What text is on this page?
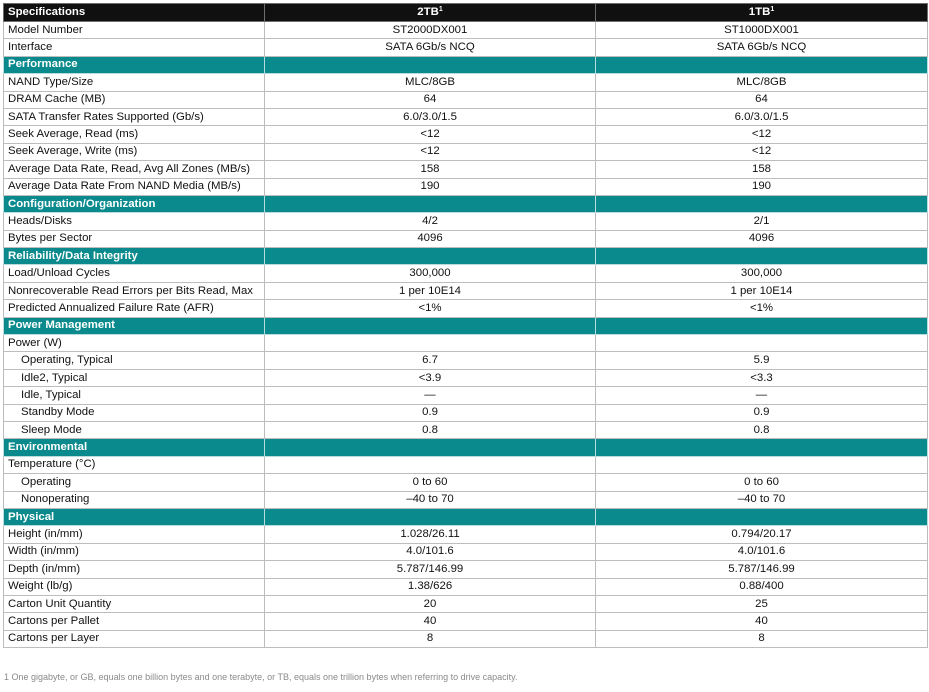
Specifications	$2TB^1$	$1TB^1$
Model Number	ST2000DX001	ST1000DX001
Interface	SATA 6Gb/s NCQ	SATA 6Gb/s NCQ
Performance		
NAND Type/Size	MLC/8GB	MLC/8GB
DRAM Cache (MB)	64	64
SATA Transfer Rates Supported (Gb/s)	6.0/3.0/1.5	6.0/3.0/1.5
Seek Average, Read (ms)	<12	<12
Seek Average, Write (ms)	<12	<12
Average Data Rate, Read, Avg All Zones (MB/s)	158	158
Average Data Rate From NAND Media (MB/s)	190	190
Configuration/Organization		
Heads/Disks	4/2	2/1
Bytes per Sector	4096	4096
Reliability/Data Integrity		
Load/Unload Cycles	300,000	300,000
Nonrecoverable Read Errors per Bits Read, Max	1 per 10E14	1 per 10E14
Predicted Annualized Failure Rate (AFR)	<1%	<1%
Power Management		
Power (W)		
Operating, Typical	6.7	5.9
Idle2, Typical	<3.9	<3.3
Idle, Typical	—	—
Standby Mode	0.9	0.9
Sleep Mode	0.8	0.8
Environmental		
Temperature (°C)		
Operating	0 to 60	0 to 60
Nonoperating	–40 to 70	–40 to 70
Physical		
Height (in/mm)	1.028/26.11	0.794/20.17
Width (in/mm)	4.0/101.6	4.0/101.6
Depth (in/mm)	5.787/146.99	5.787/146.99
Weight (lb/g)	1.38/626	0.88/400
Carton Unit Quantity	20	25
Cartons per Pallet	40	40
Cartons per Layer	8	8
1 One gigabyte, or GB, equals one billion bytes and one terabyte, or TB, equals one trillion bytes when referring to drive capacity.
